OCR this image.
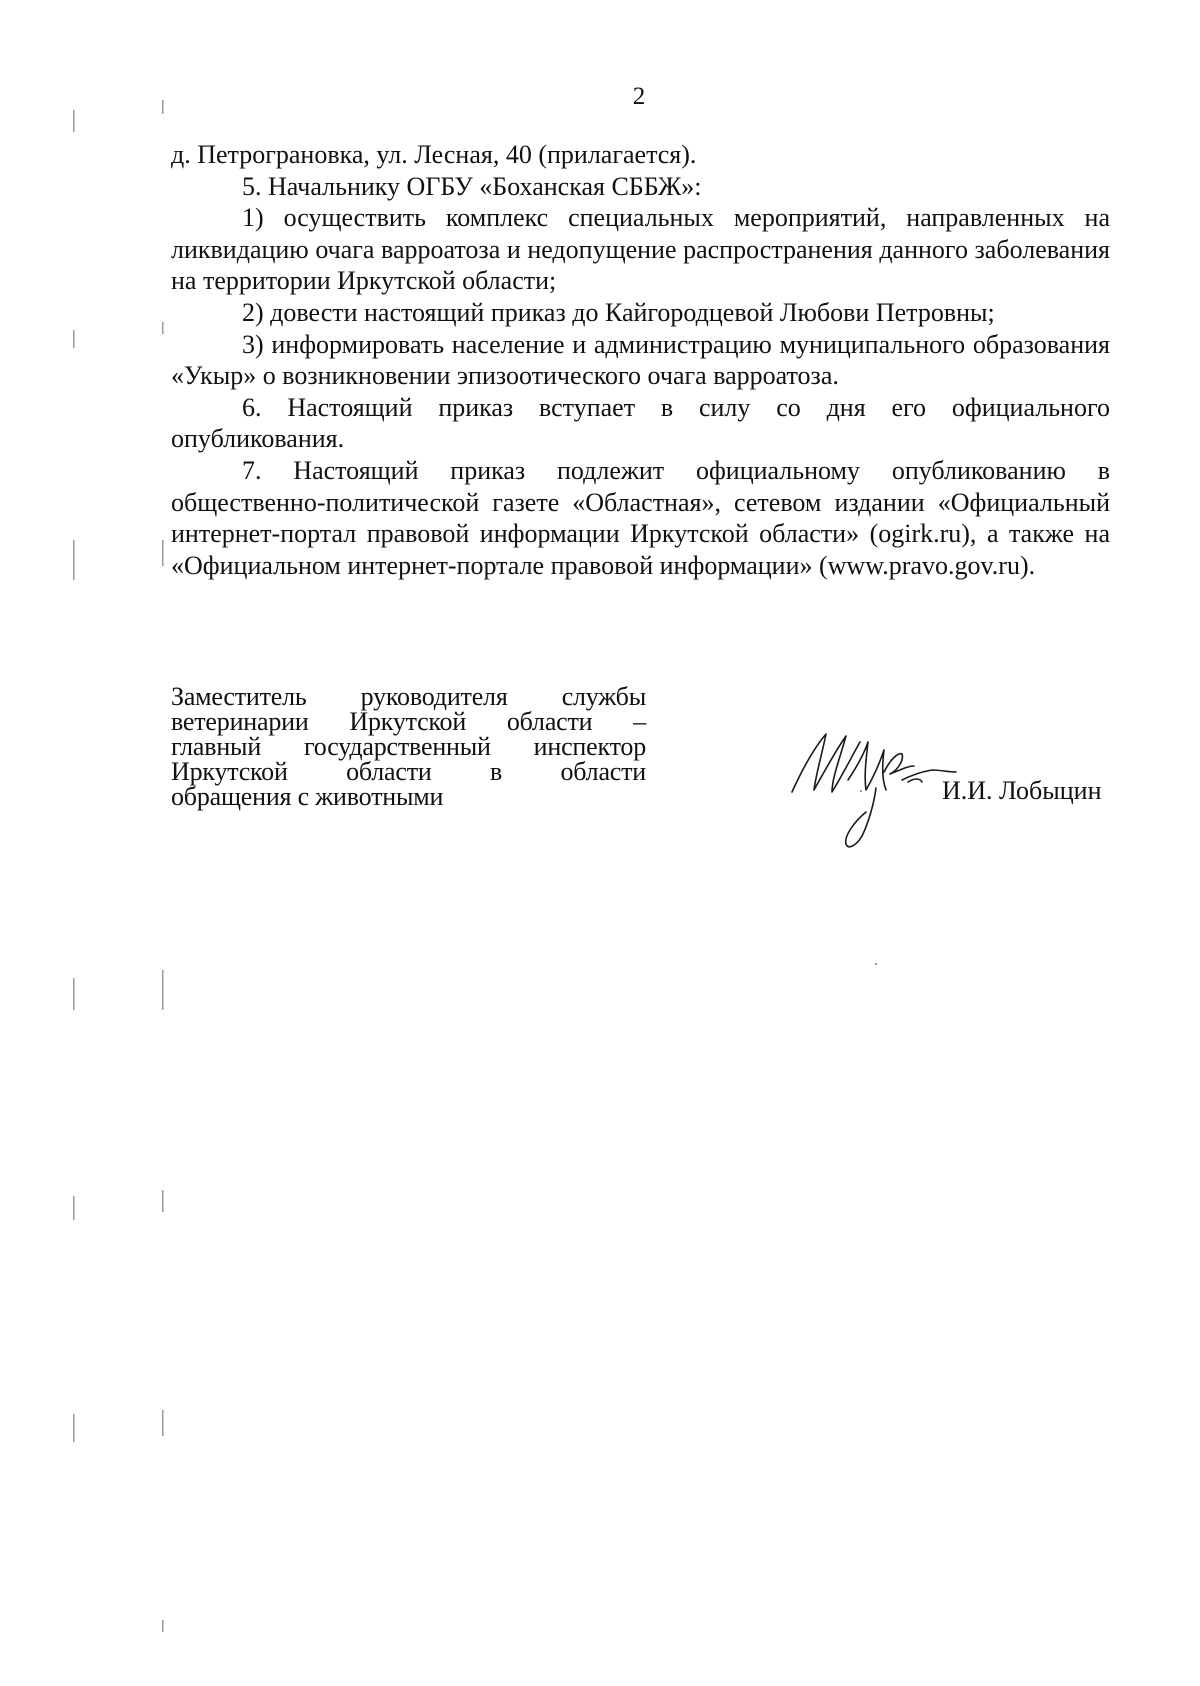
2

д. Петрограновка, ул. Лесная, 40 (прилагается).

5. Начальнику ОГБУ «Боханская СББЖ»:

1) осуществить комплекс специальных мероприятий, направленных на ликвидацию очага варроатоза и недопущение распространения данного заболевания на территории Иркутской области;

2) довести настоящий приказ до Кайгородцевой Любови Петровны;

3) информировать население и администрацию муниципального образования «Укыр» о возникновении эпизоотического очага варроатоза.

6. Настоящий приказ вступает в силу со дня его официального опубликования.

7. Настоящий приказ подлежит официальному опубликованию в общественно-политической газете «Областная», сетевом издании «Официальный интернет-портал правовой информации Иркутской области» (ogirk.ru), а также на «Официальном интернет-портале правовой информации» (www.pravo.gov.ru).

Заместитель руководителя службы
ветеринарии Иркутской области –
главный государственный инспектор
Иркутской области в области
обращения с животными	И.И. Лобыцин
